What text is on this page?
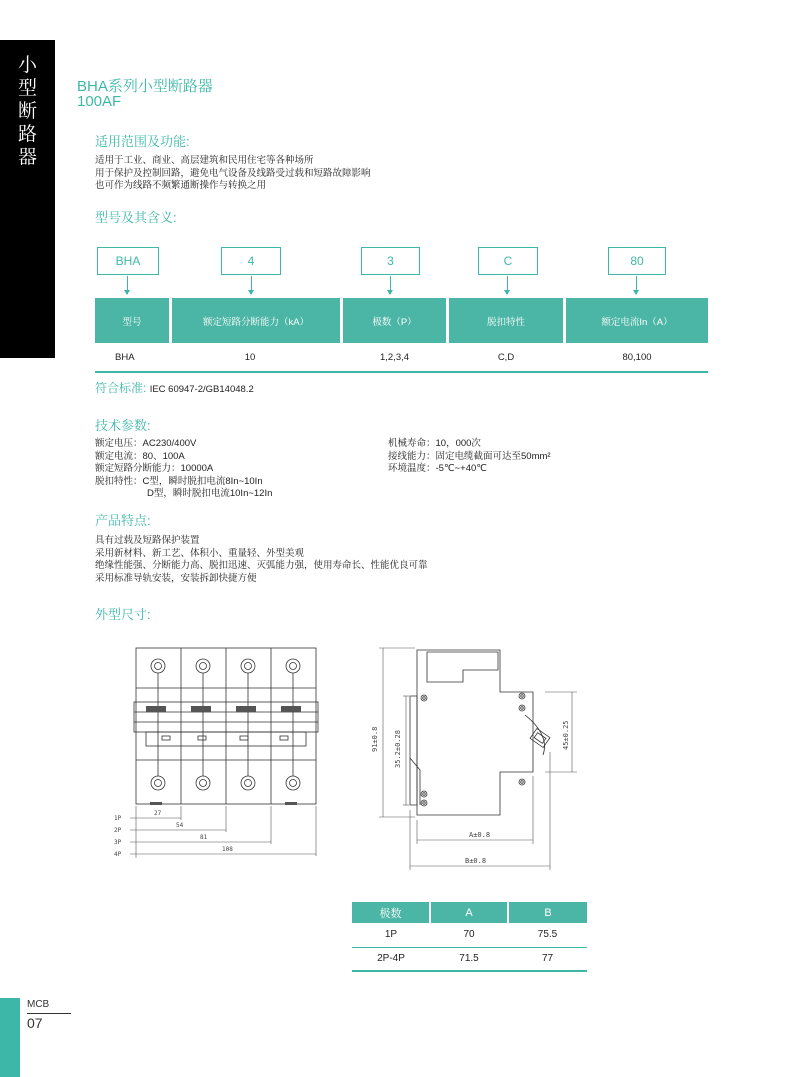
小
型
断
路
器
BHA系列小型断路器
100AF
适用范围及功能:
适用于工业、商业、高层建筑和民用住宅等各种场所
用于保护及控制回路，避免电气设备及线路受过载和短路故障影响
也可作为线路不频繁通断操作与转换之用
型号及其含义:
BHA	4	3	C	80
型号	额定短路分断能力（kA）	极数（P）	脱扣特性	额定电流In（A）
BHA	10	1,2,3,4	C,D	80,100
符合标准: IEC 60947-2/GB14048.2
技术参数:
额定电压：AC230/400V
额定电流：80、100A
额定短路分断能力：10000A
脱扣特性：C型，瞬时脱扣电流8In~10In
D型，瞬时脱扣电流10In~12In
机械寿命：10，000次
接线能力：固定电缆截面可达至50mm²
环境温度：-5℃~+40℃
产品特点:
具有过载及短路保护装置
采用新材料、新工艺、体积小、重量轻、外型美观
绝缘性能强、分断能力高、脱扣迅速、灭弧能力强，使用寿命长、性能优良可靠
采用标准导轨安装，安装拆卸快捷方便
外型尺寸:
1P
2P
3P
4P
27
54
81
108
91±0.8 35.2±0.28	45±0.25
A±0.8
B±0.8
极数	A	B
1P	70	75.5
2P-4P	71.5	77
MCB
07
